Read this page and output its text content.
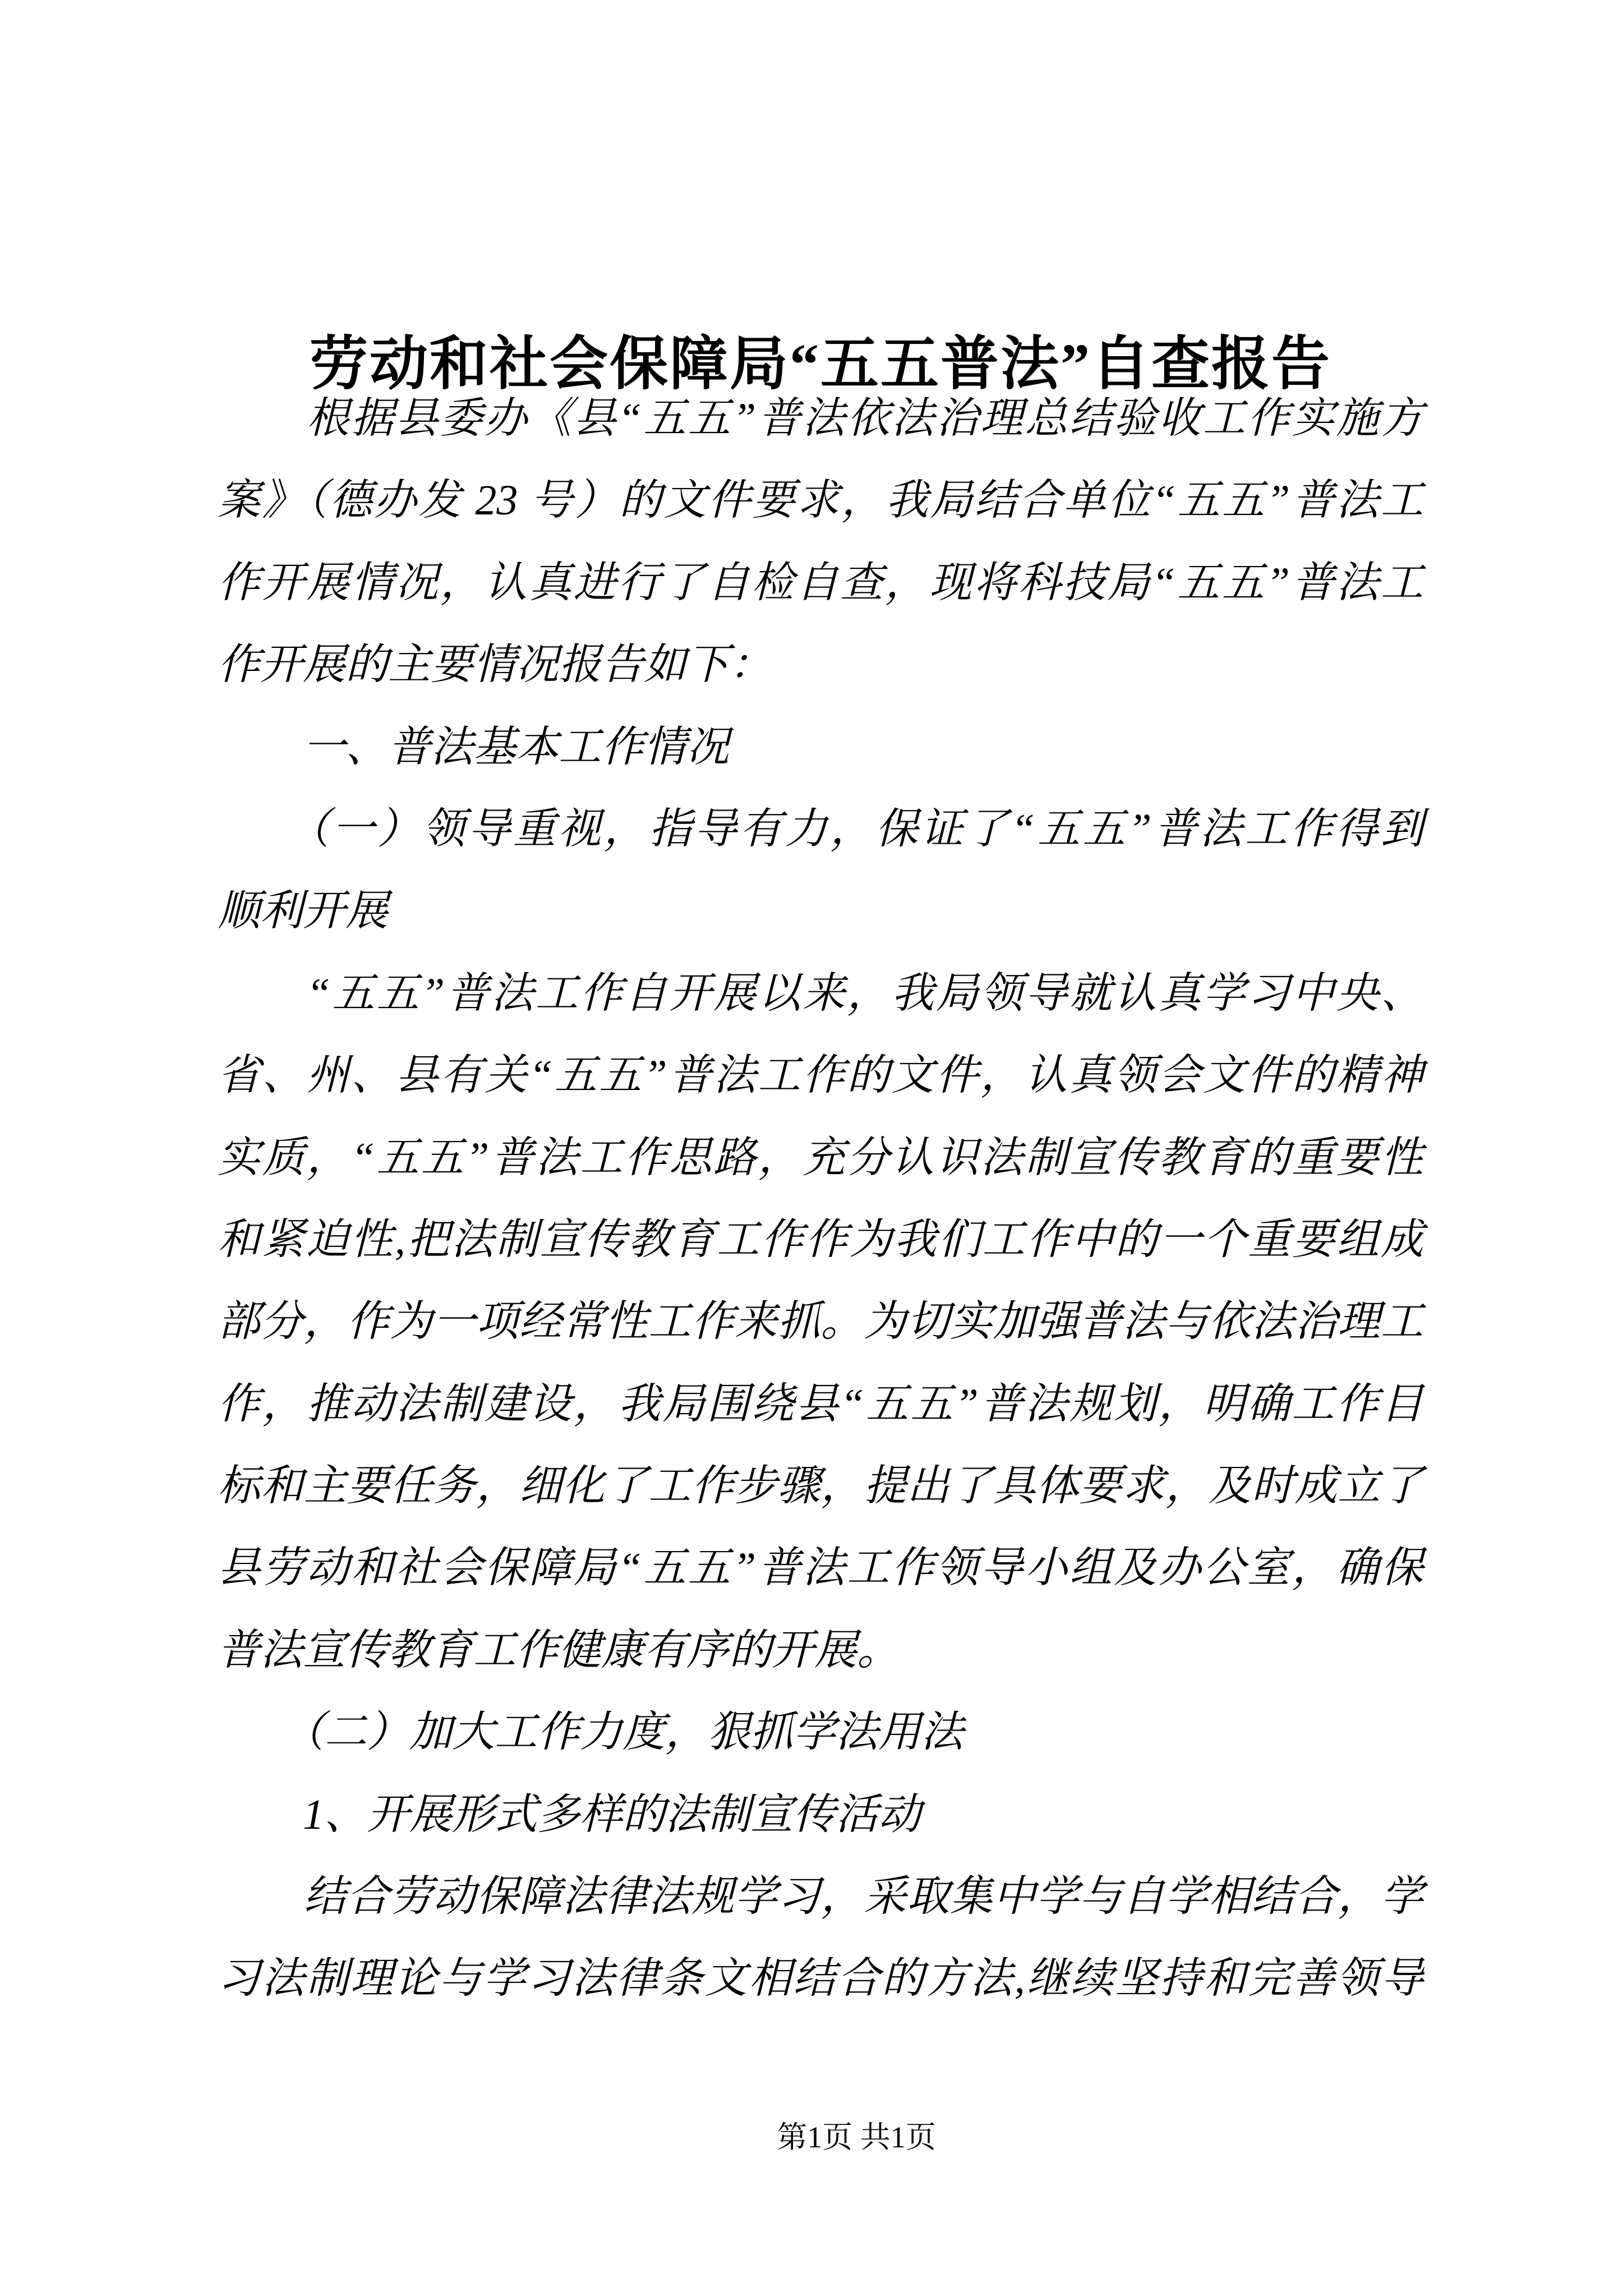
劳动和社会保障局“五五普法”自查报告
　　根据县委办《县“五五”普法依法治理总结验收工作实施方
案》（德办发 23 号）的文件要求，我局结合单位“五五”普法工
作开展情况，认真进行了自检自查，现将科技局“五五”普法工
作开展的主要情况报告如下：
　　一、普法基本工作情况
　　（一）领导重视，指导有力，保证了“五五”普法工作得到
顺利开展
　　“五五”普法工作自开展以来，我局领导就认真学习中央、
省、州、县有关“五五”普法工作的文件，认真领会文件的精神
实质，“五五”普法工作思路，充分认识法制宣传教育的重要性
和紧迫性,把法制宣传教育工作作为我们工作中的一个重要组成
部分，作为一项经常性工作来抓。为切实加强普法与依法治理工
作，推动法制建设，我局围绕县“五五”普法规划，明确工作目
标和主要任务，细化了工作步骤，提出了具体要求，及时成立了
县劳动和社会保障局“五五”普法工作领导小组及办公室，确保
普法宣传教育工作健康有序的开展。
　　（二）加大工作力度，狠抓学法用法
　　1、开展形式多样的法制宣传活动
　　结合劳动保障法律法规学习，采取集中学与自学相结合，学
习法制理论与学习法律条文相结合的方法,继续坚持和完善领导
第1页 共1页
